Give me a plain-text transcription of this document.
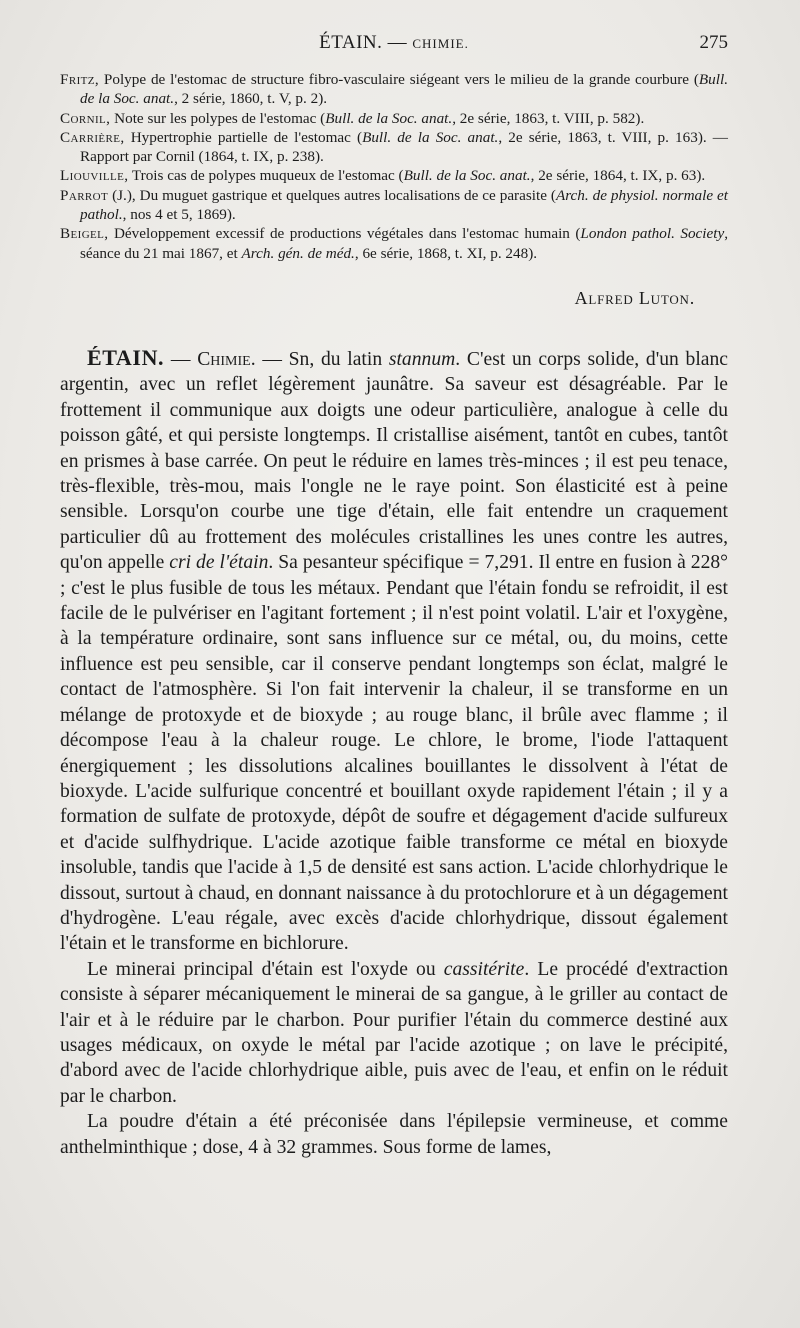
ÉTAIN. — CHIMIE.	275

Fritz, Polype de l'estomac de structure fibro-vasculaire siégeant vers le milieu de la grande courbure (Bull. de la Soc. anat., 2 série, 1860, t. V, p. 2).

Cornil, Note sur les polypes de l'estomac (Bull. de la Soc. anat., 2e série, 1863, t. VIII, p. 582).

Carrière, Hypertrophie partielle de l'estomac (Bull. de la Soc. anat., 2e série, 1863, t. VIII, p. 163). — Rapport par Cornil (1864, t. IX, p. 238).

Liouville, Trois cas de polypes muqueux de l'estomac (Bull. de la Soc. anat., 2e série, 1864, t. IX, p. 63).

Parrot (J.), Du muguet gastrique et quelques autres localisations de ce parasite (Arch. de physiol. normale et pathol., nos 4 et 5, 1869).

Beigel, Développement excessif de productions végétales dans l'estomac humain (London pathol. Society, séance du 21 mai 1867, et Arch. gén. de méd., 6e série, 1868, t. XI, p. 248).

Alfred Luton.

ÉTAIN. — Chimie. — Sn, du latin stannum. C'est un corps solide, d'un blanc argentin, avec un reflet légèrement jaunâtre. Sa saveur est désagréable. Par le frottement il communique aux doigts une odeur particulière, analogue à celle du poisson gâté, et qui persiste longtemps. Il cristallise aisément, tantôt en cubes, tantôt en prismes à base carrée. On peut le réduire en lames très-minces ; il est peu tenace, très-flexible, très-mou, mais l'ongle ne le raye point. Son élasticité est à peine sensible. Lorsqu'on courbe une tige d'étain, elle fait entendre un craquement particulier dû au frottement des molécules cristallines les unes contre les autres, qu'on appelle cri de l'étain. Sa pesanteur spécifique = 7,291. Il entre en fusion à 228° ; c'est le plus fusible de tous les métaux. Pendant que l'étain fondu se refroidit, il est facile de le pulvériser en l'agitant fortement ; il n'est point volatil. L'air et l'oxygène, à la température ordinaire, sont sans influence sur ce métal, ou, du moins, cette influence est peu sensible, car il conserve pendant longtemps son éclat, malgré le contact de l'atmosphère. Si l'on fait intervenir la chaleur, il se transforme en un mélange de protoxyde et de bioxyde ; au rouge blanc, il brûle avec flamme ; il décompose l'eau à la chaleur rouge. Le chlore, le brome, l'iode l'attaquent énergiquement ; les dissolutions alcalines bouillantes le dissolvent à l'état de bioxyde. L'acide sulfurique concentré et bouillant oxyde rapidement l'étain ; il y a formation de sulfate de protoxyde, dépôt de soufre et dégagement d'acide sulfureux et d'acide sulfhydrique. L'acide azotique faible transforme ce métal en bioxyde insoluble, tandis que l'acide à 1,5 de densité est sans action. L'acide chlorhydrique le dissout, surtout à chaud, en donnant naissance à du protochlorure et à un dégagement d'hydrogène. L'eau régale, avec excès d'acide chlorhydrique, dissout également l'étain et le transforme en bichlorure.

Le minerai principal d'étain est l'oxyde ou cassitérite. Le procédé d'extraction consiste à séparer mécaniquement le minerai de sa gangue, à le griller au contact de l'air et à le réduire par le charbon. Pour purifier l'étain du commerce destiné aux usages médicaux, on oxyde le métal par l'acide azotique ; on lave le précipité, d'abord avec de l'acide chlorhydrique aible, puis avec de l'eau, et enfin on le réduit par le charbon.

La poudre d'étain a été préconisée dans l'épilepsie vermineuse, et comme anthelminthique ; dose, 4 à 32 grammes. Sous forme de lames,
